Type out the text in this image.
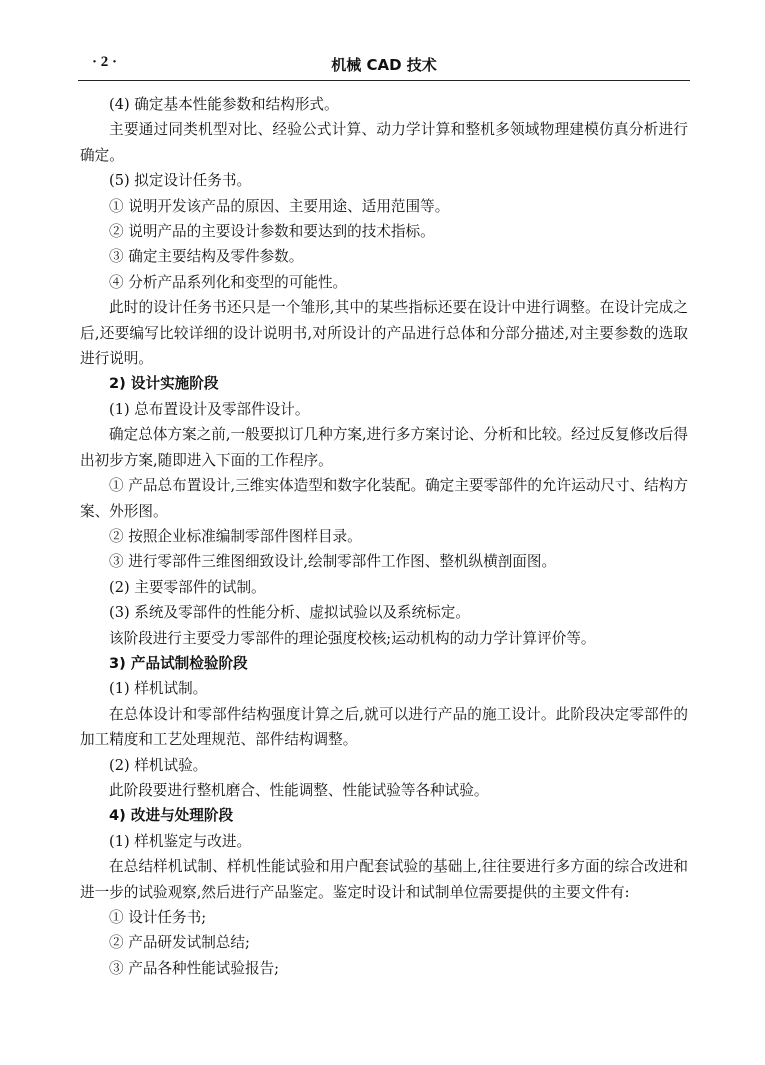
· 2 ·	机械 CAD 技术

(4) 确定基本性能参数和结构形式。

主要通过同类机型对比、经验公式计算、动力学计算和整机多领域物理建模仿真分析进行确定。

(5) 拟定设计任务书。

① 说明开发该产品的原因、主要用途、适用范围等。

② 说明产品的主要设计参数和要达到的技术指标。

③ 确定主要结构及零件参数。

④ 分析产品系列化和变型的可能性。

此时的设计任务书还只是一个雏形,其中的某些指标还要在设计中进行调整。在设计完成之后,还要编写比较详细的设计说明书,对所设计的产品进行总体和分部分描述,对主要参数的选取进行说明。

2) 设计实施阶段

(1) 总布置设计及零部件设计。

确定总体方案之前,一般要拟订几种方案,进行多方案讨论、分析和比较。经过反复修改后得出初步方案,随即进入下面的工作程序。

① 产品总布置设计,三维实体造型和数字化装配。确定主要零部件的允许运动尺寸、结构方案、外形图。

② 按照企业标准编制零部件图样目录。

③ 进行零部件三维图细致设计,绘制零部件工作图、整机纵横剖面图。

(2) 主要零部件的试制。

(3) 系统及零部件的性能分析、虚拟试验以及系统标定。

该阶段进行主要受力零部件的理论强度校核;运动机构的动力学计算评价等。

3) 产品试制检验阶段

(1) 样机试制。

在总体设计和零部件结构强度计算之后,就可以进行产品的施工设计。此阶段决定零部件的加工精度和工艺处理规范、部件结构调整。

(2) 样机试验。

此阶段要进行整机磨合、性能调整、性能试验等各种试验。

4) 改进与处理阶段

(1) 样机鉴定与改进。

在总结样机试制、样机性能试验和用户配套试验的基础上,往往要进行多方面的综合改进和进一步的试验观察,然后进行产品鉴定。鉴定时设计和试制单位需要提供的主要文件有:

① 设计任务书;

② 产品研发试制总结;

③ 产品各种性能试验报告;
